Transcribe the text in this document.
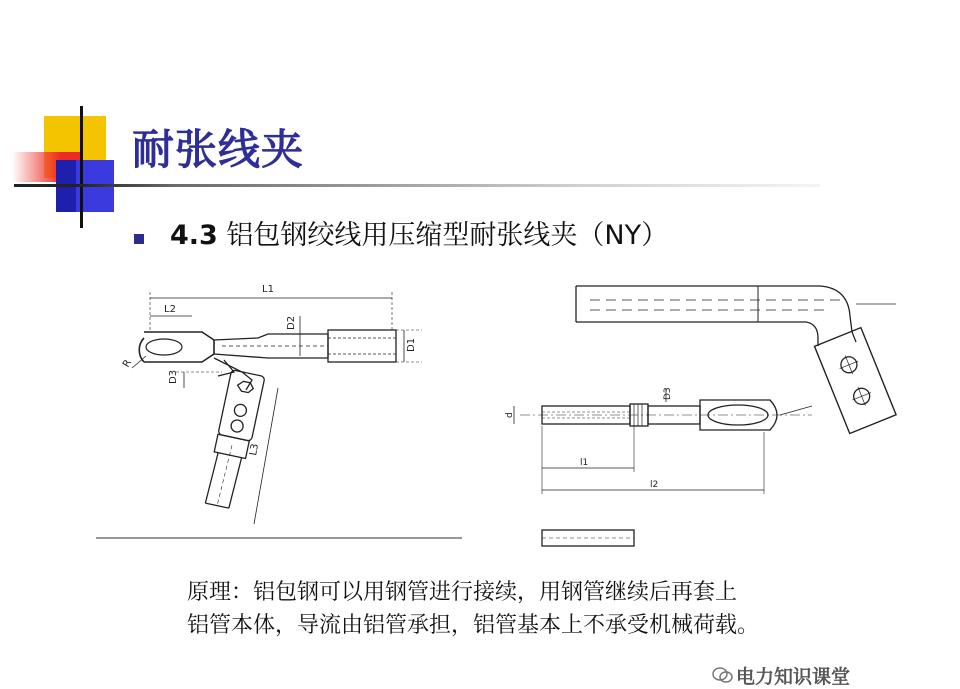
耐张线夹
4.3 铝包钢绞线用压缩型耐张线夹（NY）
L1
L2
D2
D1
R
D3
L3
d
D3
l1
l2
原理：铝包钢可以用钢管进行接续，用钢管继续后再套上
铝管本体，导流由铝管承担，铝管基本上不承受机械荷载。
电力知识课堂
